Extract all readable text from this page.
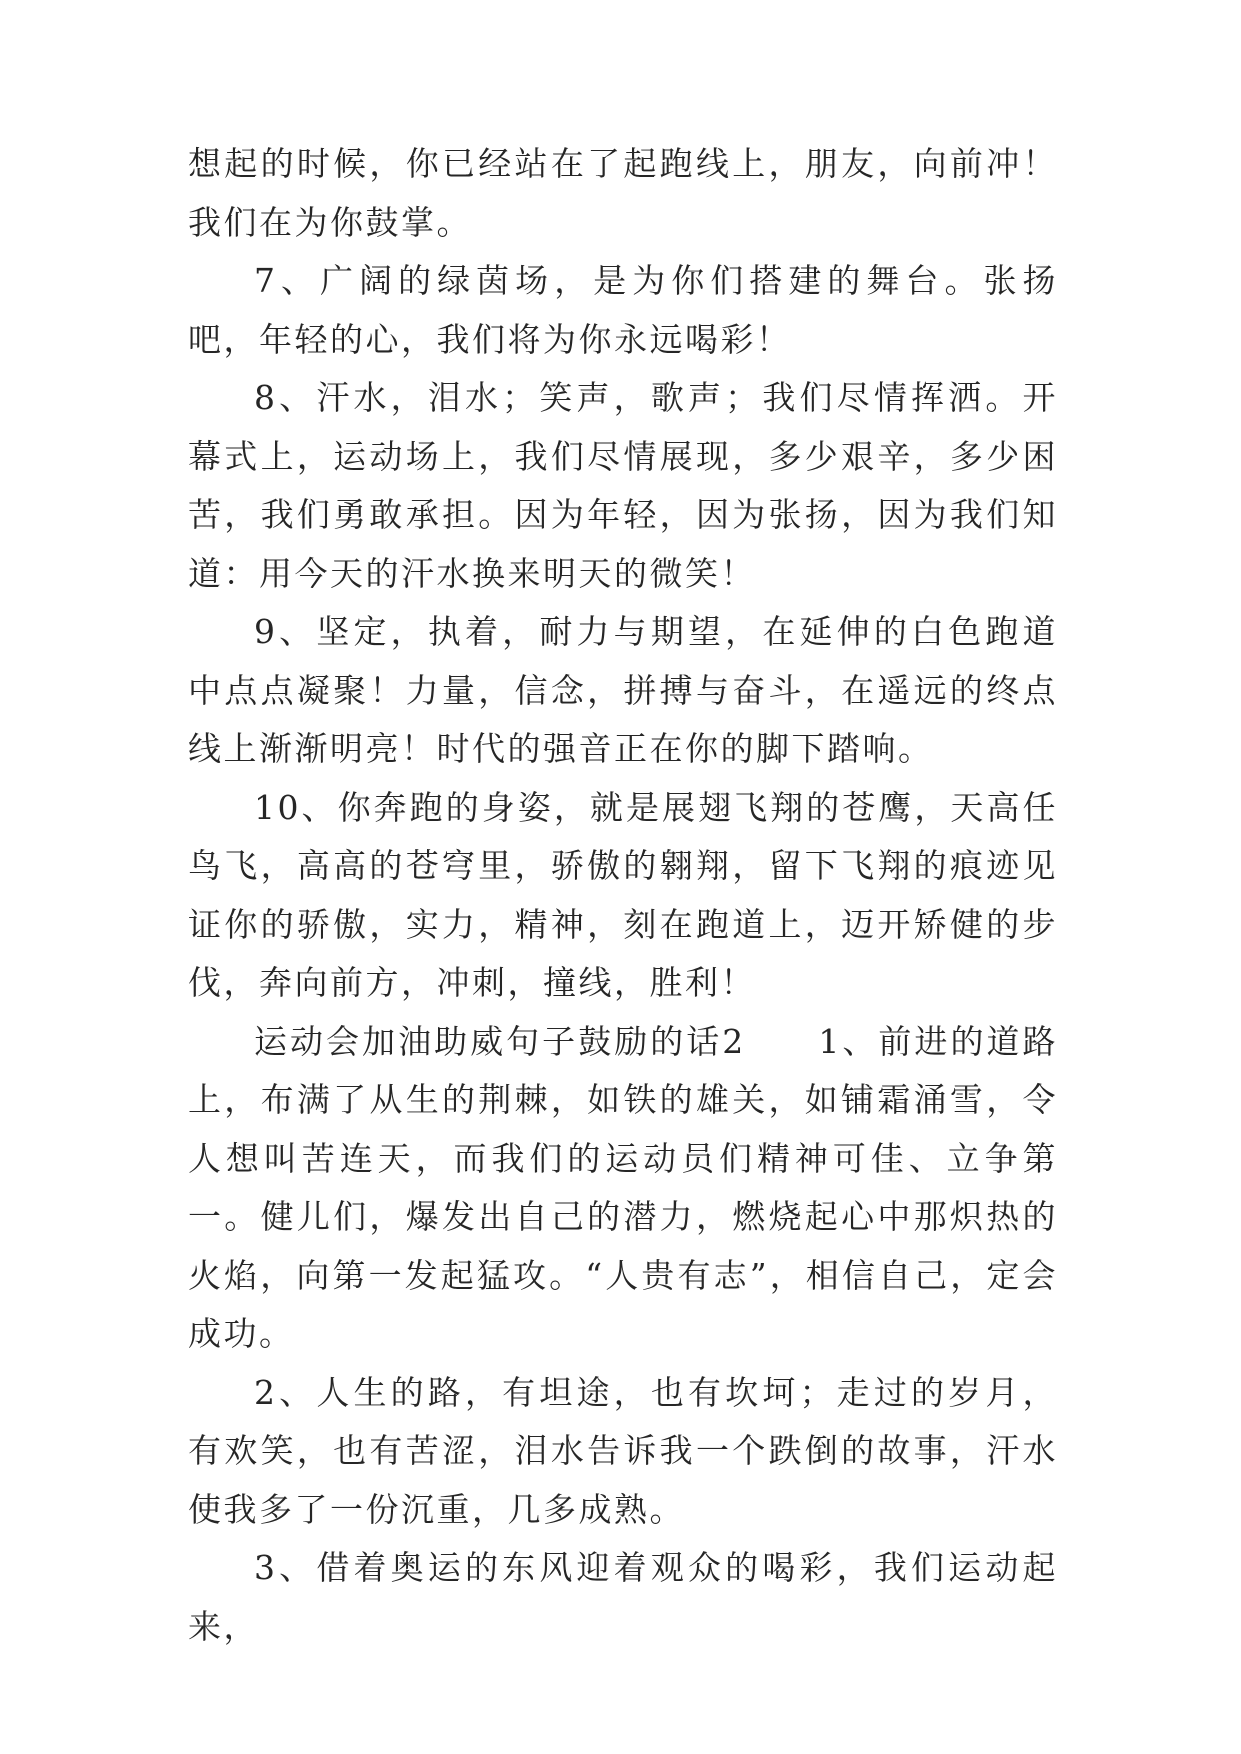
想起的时候，你已经站在了起跑线上，朋友，向前冲！我们在为你鼓掌。

7、广阔的绿茵场，是为你们搭建的舞台。张扬吧，年轻的心，我们将为你永远喝彩！

8、汗水，泪水；笑声，歌声；我们尽情挥洒。开幕式上，运动场上，我们尽情展现，多少艰辛，多少困苦，我们勇敢承担。因为年轻，因为张扬，因为我们知道：用今天的汗水换来明天的微笑！

9、坚定，执着，耐力与期望，在延伸的白色跑道中点点凝聚！力量，信念，拼搏与奋斗，在遥远的终点线上渐渐明亮！时代的强音正在你的脚下踏响。

10、你奔跑的身姿，就是展翅飞翔的苍鹰，天高任鸟飞，高高的苍穹里，骄傲的翱翔，留下飞翔的痕迹见证你的骄傲，实力，精神，刻在跑道上，迈开矫健的步伐，奔向前方，冲刺，撞线，胜利！

运动会加油助威句子鼓励的话2　　1、前进的道路上，布满了从生的荆棘，如铁的雄关，如铺霜涌雪，令人想叫苦连天，而我们的运动员们精神可佳、立争第一。健儿们，爆发出自己的潜力，燃烧起心中那炽热的火焰，向第一发起猛攻。“人贵有志”，相信自己，定会成功。

2、人生的路，有坦途，也有坎坷；走过的岁月，有欢笑，也有苦涩，泪水告诉我一个跌倒的故事，汗水使我多了一份沉重，几多成熟。

3、借着奥运的东风迎着观众的喝彩，我们运动起来，
